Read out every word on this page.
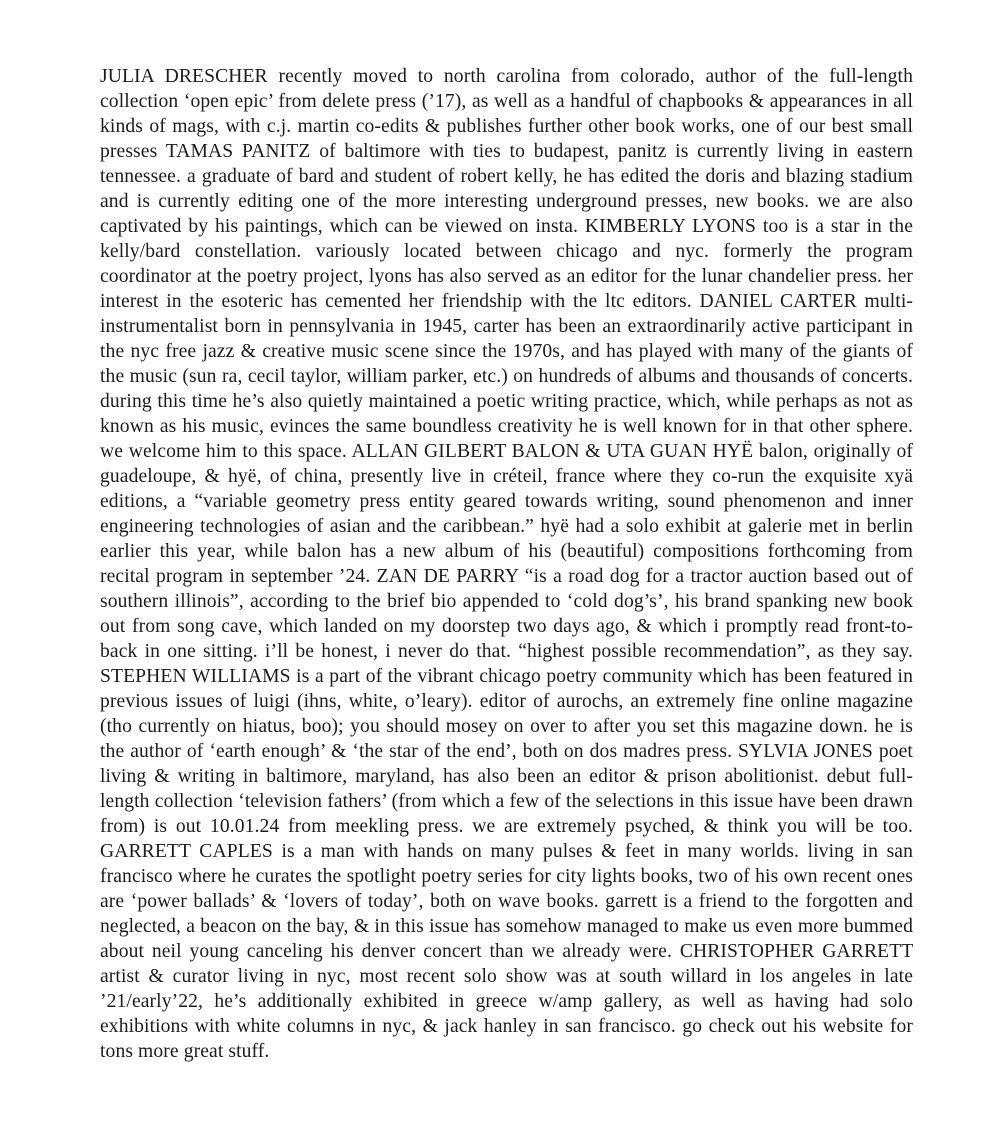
JULIA DRESCHER recently moved to north carolina from colorado, author of the full-length collection ‘open epic’ from delete press (’17), as well as a handful of chapbooks & appearances in all kinds of mags, with c.j. martin co-edits & publishes further other book works, one of our best small presses TAMAS PANITZ of baltimore with ties to budapest, panitz is currently living in eastern tennessee. a graduate of bard and student of robert kelly, he has edited the doris and blazing stadium and is currently editing one of the more interesting underground presses, new books. we are also captivated by his paintings, which can be viewed on insta. KIMBERLY LYONS too is a star in the kelly/bard constellation. variously located between chicago and nyc. formerly the program coordinator at the poetry project, lyons has also served as an editor for the lunar chandelier press. her interest in the esoteric has cemented her friendship with the ltc editors. DANIEL CARTER multi-instrumentalist born in pennsylvania in 1945, carter has been an extraordinarily active participant in the nyc free jazz & creative music scene since the 1970s, and has played with many of the giants of the music (sun ra, cecil taylor, william parker, etc.) on hundreds of albums and thousands of concerts. during this time he’s also quietly maintained a poetic writing practice, which, while perhaps as not as known as his music, evinces the same boundless creativity he is well known for in that other sphere. we welcome him to this space. ALLAN GILBERT BALON & UTA GUAN HYË balon, originally of guadeloupe, & hyë, of china, presently live in créteil, france where they co-run the exquisite xyä editions, a “variable geometry press entity geared towards writing, sound phenomenon and inner engineering technologies of asian and the caribbean.” hyë had a solo exhibit at galerie met in berlin earlier this year, while balon has a new album of his (beautiful) compositions forthcoming from recital program in september ’24. ZAN DE PARRY “is a road dog for a tractor auction based out of southern illinois”, according to the brief bio appended to ‘cold dog’s’, his brand spanking new book out from song cave, which landed on my doorstep two days ago, & which i promptly read front-to-back in one sitting. i’ll be honest, i never do that. “highest possible recommendation”, as they say. STEPHEN WILLIAMS is a part of the vibrant chicago poetry community which has been featured in previous issues of luigi (ihns, white, o’leary). editor of aurochs, an extremely fine online magazine (tho currently on hiatus, boo); you should mosey on over to after you set this magazine down. he is the author of ‘earth enough’ & ‘the star of the end’, both on dos madres press. SYLVIA JONES poet living & writing in baltimore, maryland, has also been an editor & prison abolitionist. debut full-length collection ‘television fathers’ (from which a few of the selections in this issue have been drawn from) is out 10.01.24 from meekling press. we are extremely psyched, & think you will be too. GARRETT CAPLES is a man with hands on many pulses & feet in many worlds. living in san francisco where he curates the spotlight poetry series for city lights books, two of his own recent ones are ‘power ballads’ & ‘lovers of today’, both on wave books. garrett is a friend to the forgotten and neglected, a beacon on the bay, & in this issue has somehow managed to make us even more bummed about neil young canceling his denver concert than we already were. CHRISTOPHER GARRETT artist & curator living in nyc, most recent solo show was at south willard in los angeles in late ’21/early’22, he’s additionally exhibited in greece w/amp gallery, as well as having had solo exhibitions with white columns in nyc, & jack hanley in san francisco. go check out his website for tons more great stuff.
